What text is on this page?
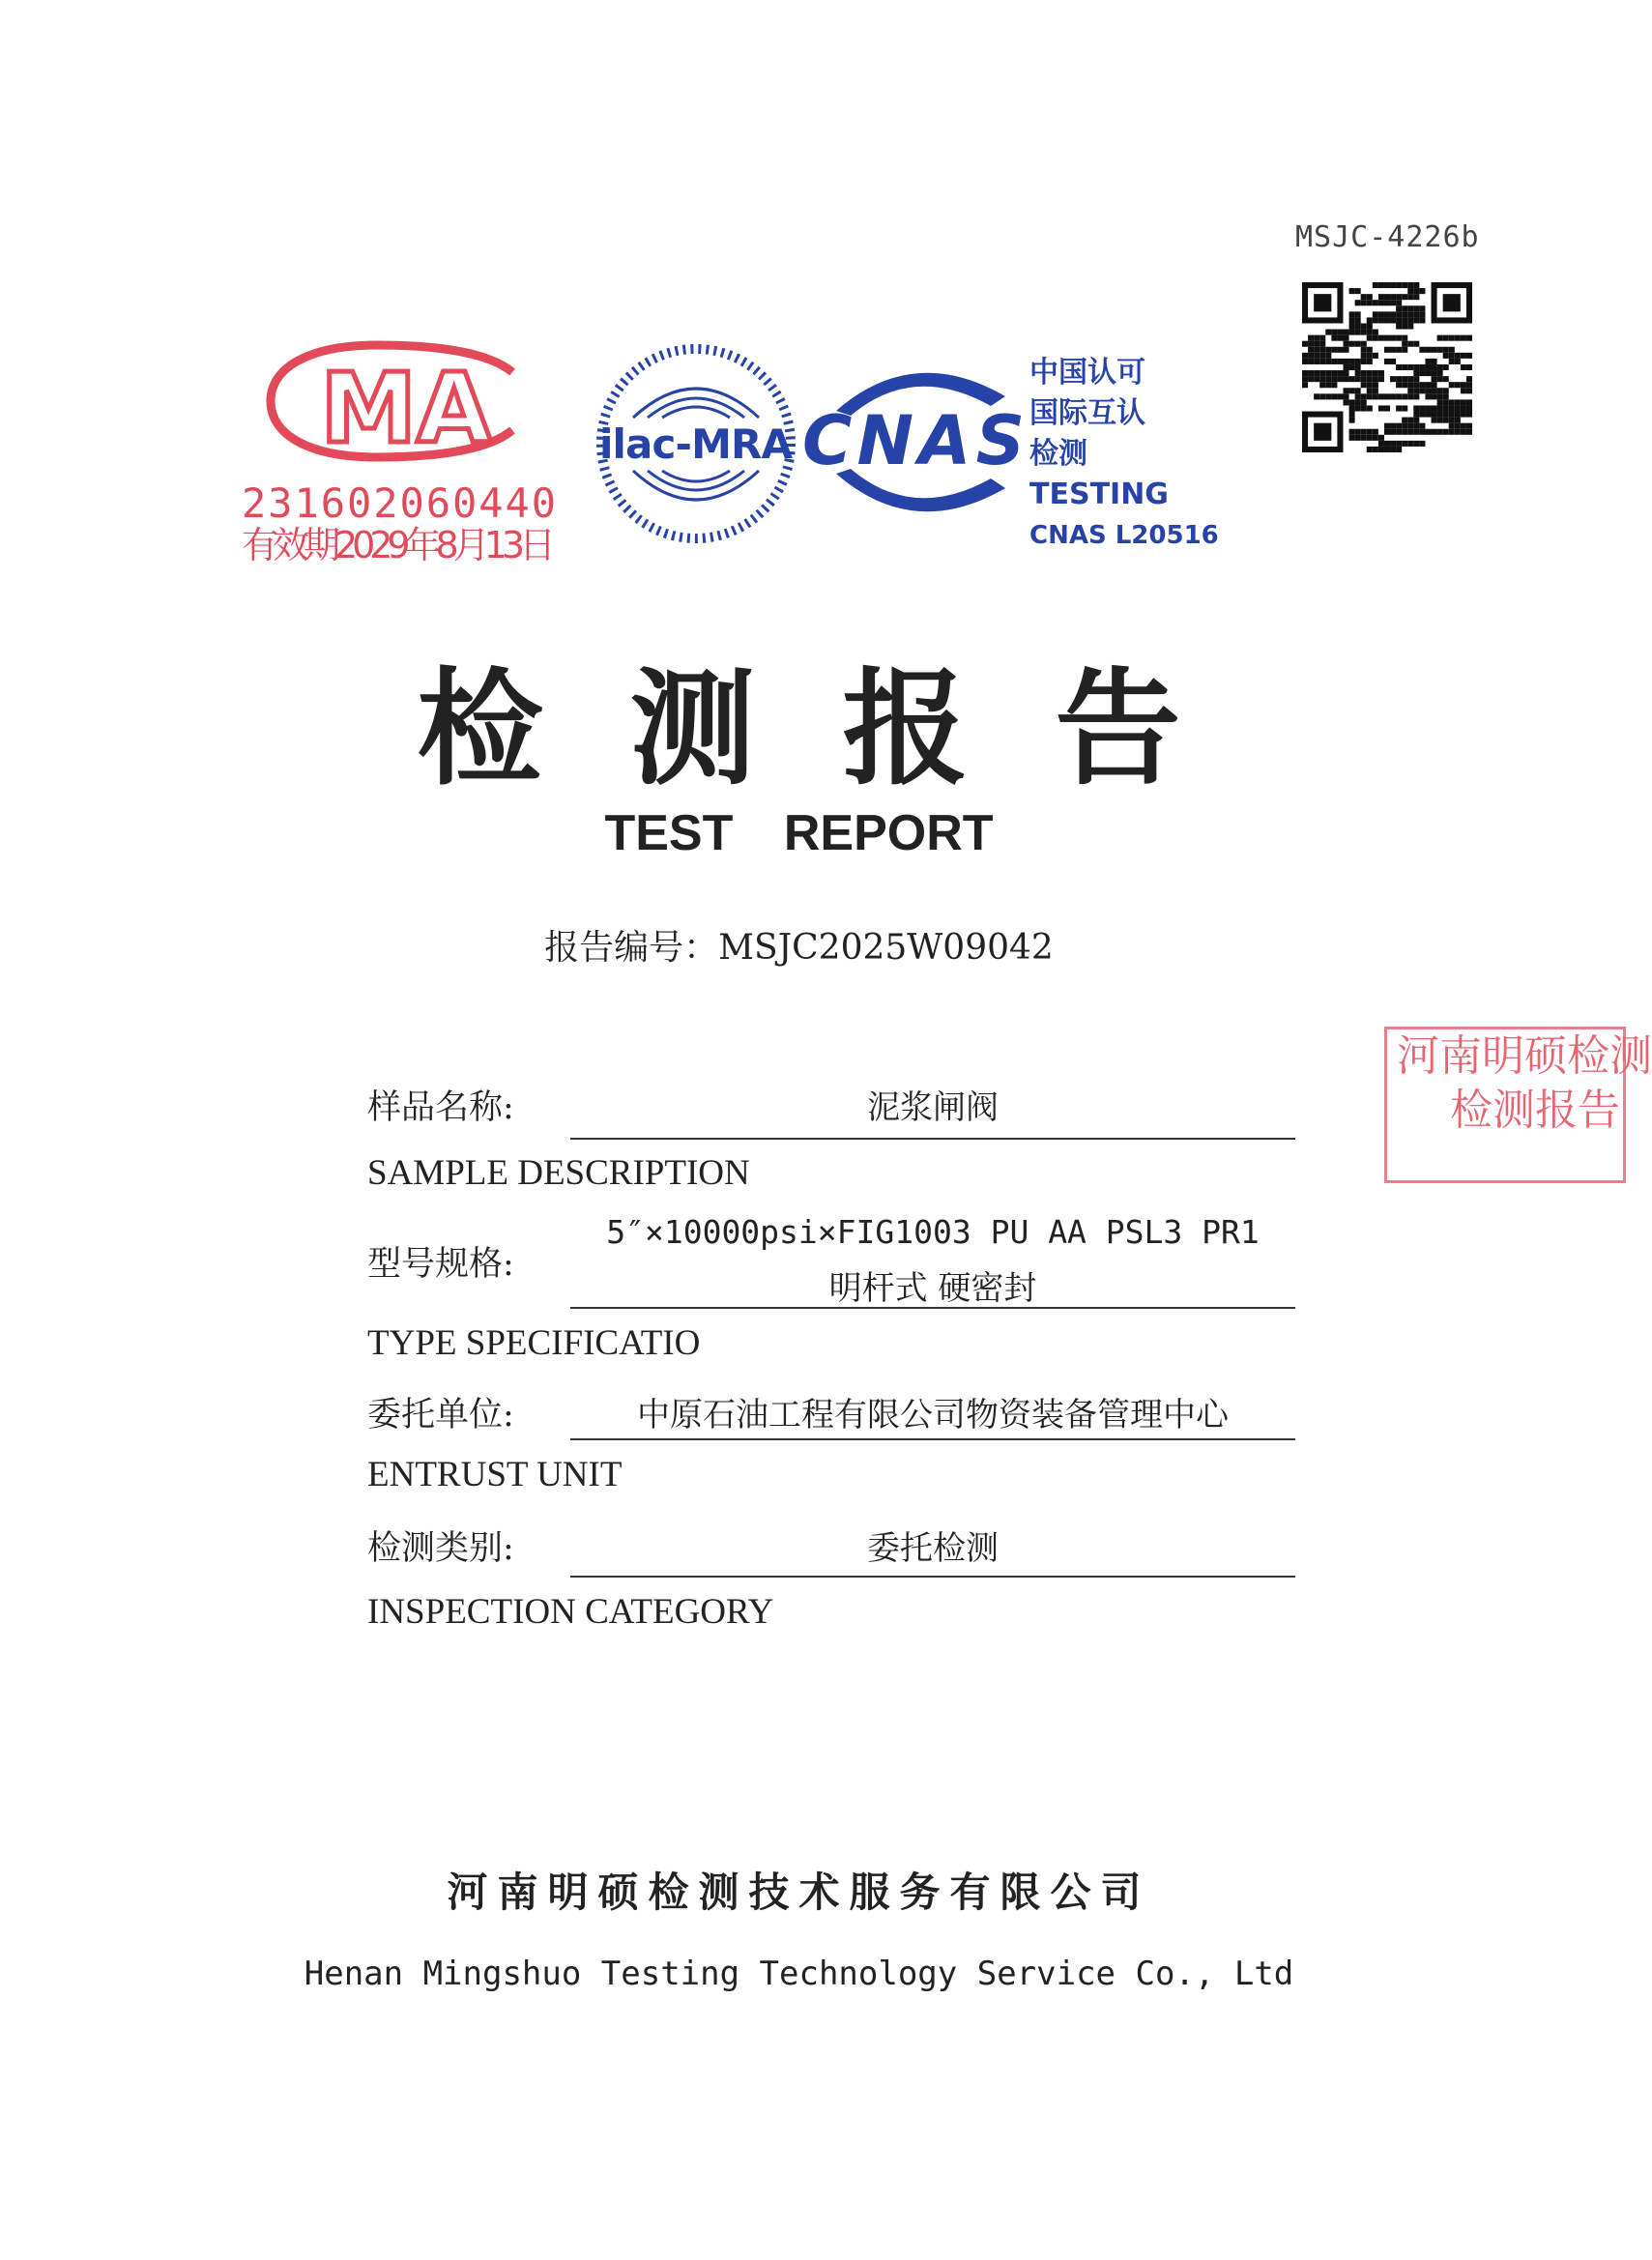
MSJC-4226b
MA
231602060440
有效期2029年8月13日
ilac-MRA CNAS
中国认可
国际互认
检测
TESTING
CNAS L20516
检测报告
TEST REPORT
报告编号：MSJC2025W09042
样品名称:	泥浆闸阀
SAMPLE DESCRIPTION
型号规格:
5″×10000psi×FIG1003 PU AA PSL3 PR1
明杆式 硬密封
TYPE SPECIFICATIO
委托单位:	中原石油工程有限公司物资装备管理中心
ENTRUST UNIT
检测类别:	委托检测
INSPECTION CATEGORY
河南明硕检测
检测报告
河南明硕检测技术服务有限公司
Henan Mingshuo Testing Technology Service Co., Ltd
